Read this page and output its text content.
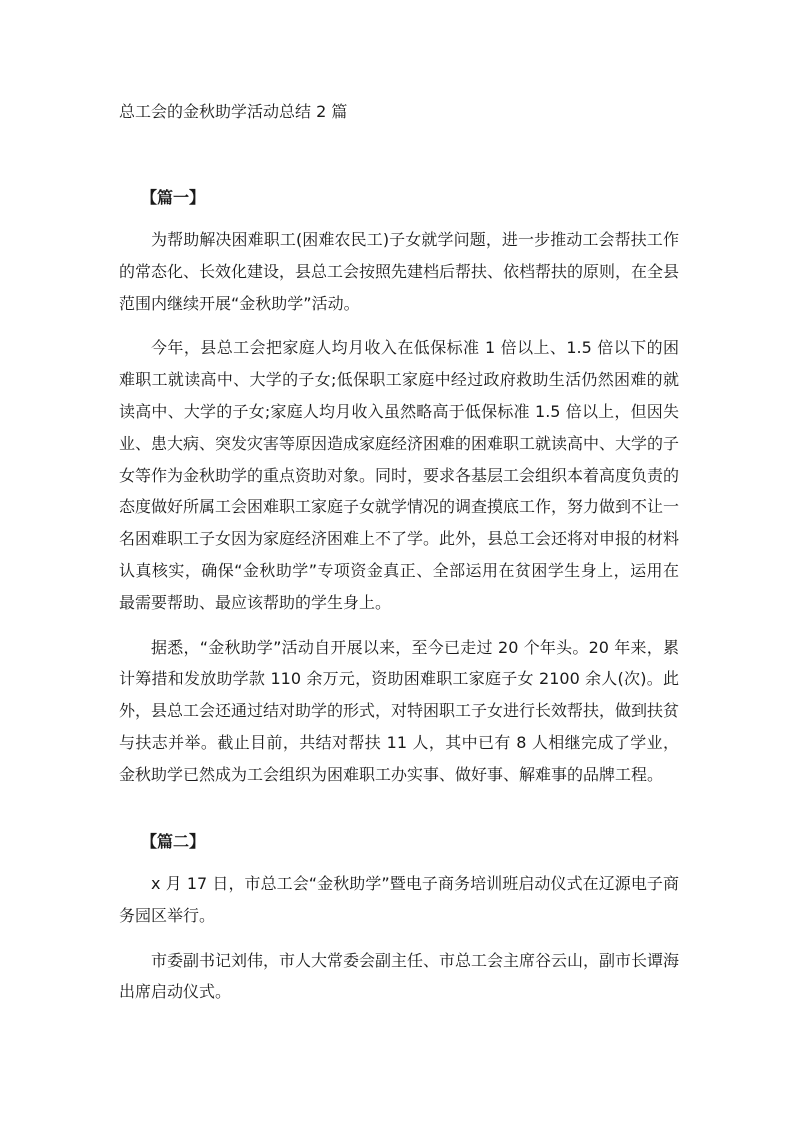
总工会的金秋助学活动总结 2 篇
【篇一】

为帮助解决困难职工(困难农民工)子女就学问题，进一步推动工会帮扶工作的常态化、长效化建设，县总工会按照先建档后帮扶、依档帮扶的原则，在全县范围内继续开展“金秋助学”活动。

今年，县总工会把家庭人均月收入在低保标准 1 倍以上、1.5 倍以下的困难职工就读高中、大学的子女;低保职工家庭中经过政府救助生活仍然困难的就读高中、大学的子女;家庭人均月收入虽然略高于低保标准 1.5 倍以上，但因失业、患大病、突发灾害等原因造成家庭经济困难的困难职工就读高中、大学的子女等作为金秋助学的重点资助对象。同时，要求各基层工会组织本着高度负责的态度做好所属工会困难职工家庭子女就学情况的调查摸底工作，努力做到不让一名困难职工子女因为家庭经济困难上不了学。此外，县总工会还将对申报的材料认真核实，确保“金秋助学”专项资金真正、全部运用在贫困学生身上，运用在最需要帮助、最应该帮助的学生身上。

据悉，“金秋助学”活动自开展以来，至今已走过 20 个年头。20 年来，累计筹措和发放助学款 110 余万元，资助困难职工家庭子女 2100 余人(次)。此外，县总工会还通过结对助学的形式，对特困职工子女进行长效帮扶，做到扶贫与扶志并举。截止目前，共结对帮扶 11 人，其中已有 8 人相继完成了学业，金秋助学已然成为工会组织为困难职工办实事、做好事、解难事的品牌工程。

【篇二】

x 月 17 日，市总工会“金秋助学”暨电子商务培训班启动仪式在辽源电子商务园区举行。

市委副书记刘伟，市人大常委会副主任、市总工会主席谷云山，副市长谭海出席启动仪式。
